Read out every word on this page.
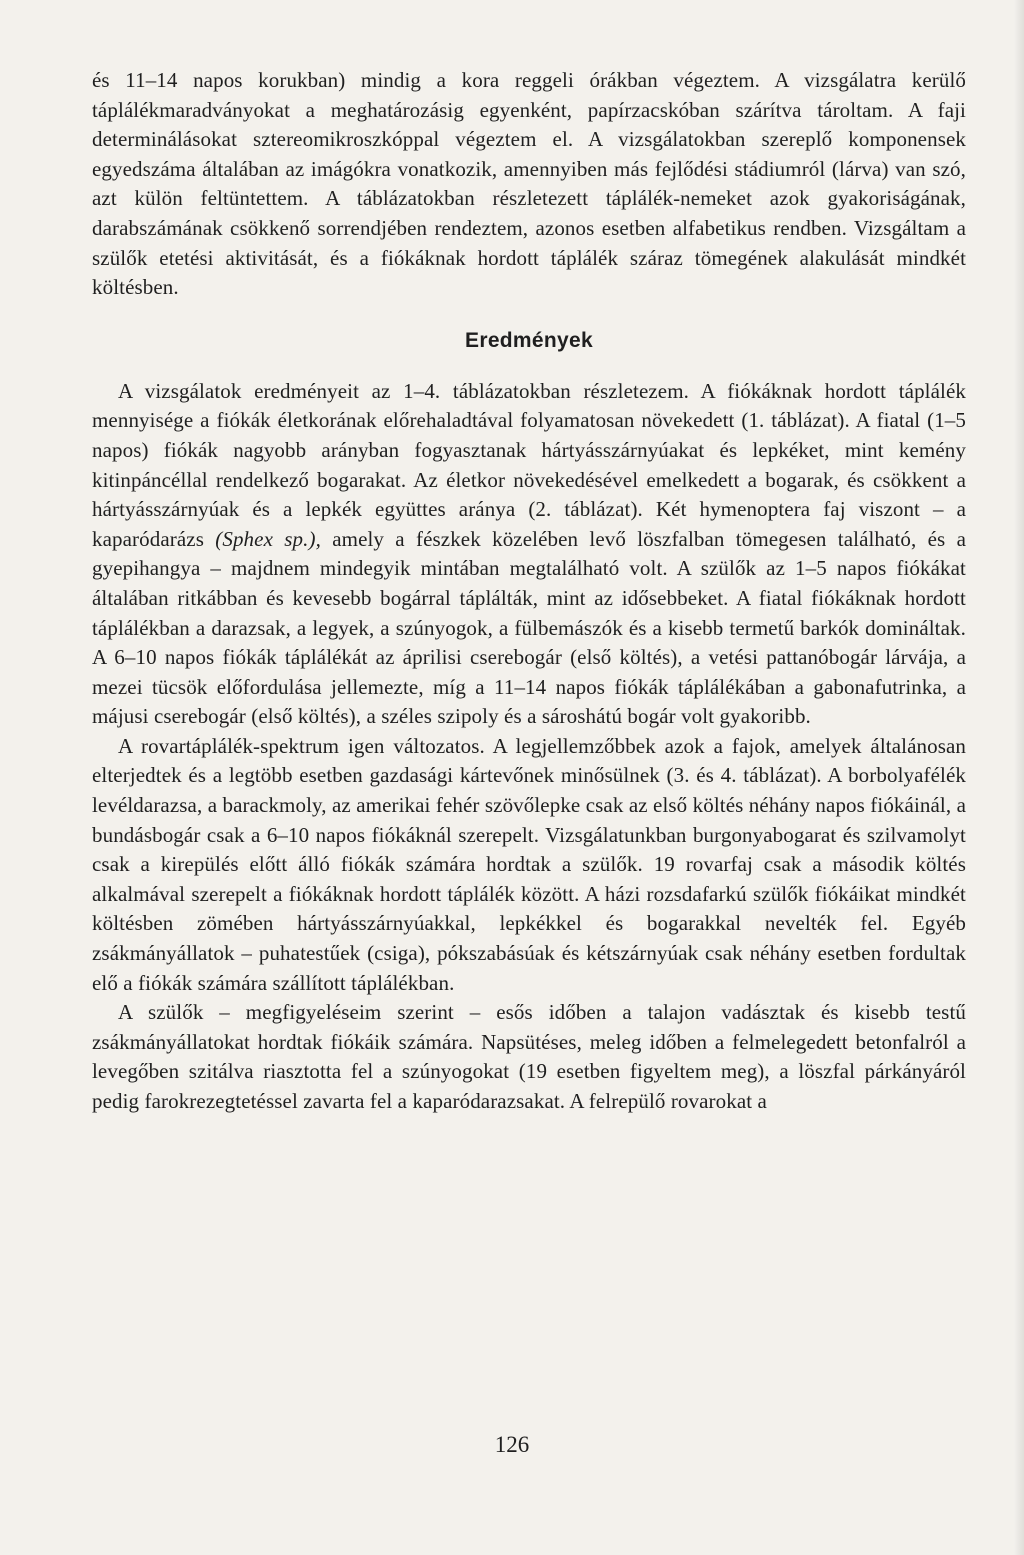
és 11–14 napos korukban) mindig a kora reggeli órákban végeztem. A vizsgálatra kerülő táplálékmaradványokat a meghatározásig egyenként, papírzacskóban szárítva tároltam. A faji determinálásokat sztereomikroszkóppal végeztem el. A vizsgálatokban szereplő komponensek egyedszáma általában az imágókra vonatkozik, amennyiben más fejlődési stádiumról (lárva) van szó, azt külön feltüntettem. A táblázatokban részletezett táplálék-nemeket azok gyakoriságának, darabszámának csökkenő sorrendjében rendeztem, azonos esetben alfabetikus rendben. Vizsgáltam a szülők etetési aktivitását, és a fiókáknak hordott táplálék száraz tömegének alakulását mindkét költésben.

Eredmények

A vizsgálatok eredményeit az 1–4. táblázatokban részletezem. A fiókáknak hordott táplálék mennyisége a fiókák életkorának előrehaladtával folyamatosan növekedett (1. táblázat). A fiatal (1–5 napos) fiókák nagyobb arányban fogyasztanak hártyásszárnyúakat és lepkéket, mint kemény kitinpáncéllal rendelkező bogarakat. Az életkor növekedésével emelkedett a bogarak, és csökkent a hártyásszárnyúak és a lepkék együttes aránya (2. táblázat). Két hymenoptera faj viszont – a kaparódarázs (Sphex sp.), amely a fészkek közelében levő löszfalban tömegesen található, és a gyepihangya – majdnem mindegyik mintában megtalálható volt. A szülők az 1–5 napos fiókákat általában ritkábban és kevesebb bogárral táplálták, mint az idősebbeket. A fiatal fiókáknak hordott táplálékban a darazsak, a legyek, a szúnyogok, a fülbemászók és a kisebb termetű barkók domináltak. A 6–10 napos fiókák táplálékát az áprilisi cserebogár (első költés), a vetési pattanóbogár lárvája, a mezei tücsök előfordulása jellemezte, míg a 11–14 napos fiókák táplálékában a gabonafutrinka, a májusi cserebogár (első költés), a széles szipoly és a sároshátú bogár volt gyakoribb.

A rovartáplálék-spektrum igen változatos. A legjellemzőbbek azok a fajok, amelyek általánosan elterjedtek és a legtöbb esetben gazdasági kártevőnek minősülnek (3. és 4. táblázat). A borbolyafélék levéldarazsa, a barackmoly, az amerikai fehér szövőlepke csak az első költés néhány napos fiókáinál, a bundásbogár csak a 6–10 napos fiókáknál szerepelt. Vizsgálatunkban burgonyabogarat és szilvamolyt csak a kirepülés előtt álló fiókák számára hordtak a szülők. 19 rovarfaj csak a második költés alkalmával szerepelt a fiókáknak hordott táplálék között. A házi rozsdafarkú szülők fiókáikat mindkét költésben zömében hártyásszárnyúakkal, lepkékkel és bogarakkal nevelték fel. Egyéb zsákmányállatok – puhatestűek (csiga), pókszabásúak és kétszárnyúak csak néhány esetben fordultak elő a fiókák számára szállított táplálékban.

A szülők – megfigyeléseim szerint – esős időben a talajon vadásztak és kisebb testű zsákmányállatokat hordtak fiókáik számára. Napsütéses, meleg időben a felmelegedett betonfalról a levegőben szitálva riasztotta fel a szúnyogokat (19 esetben figyeltem meg), a löszfal párkányáról pedig farokrezegtetéssel zavarta fel a kaparódarazsakat. A felrepülő rovarokat a

126
